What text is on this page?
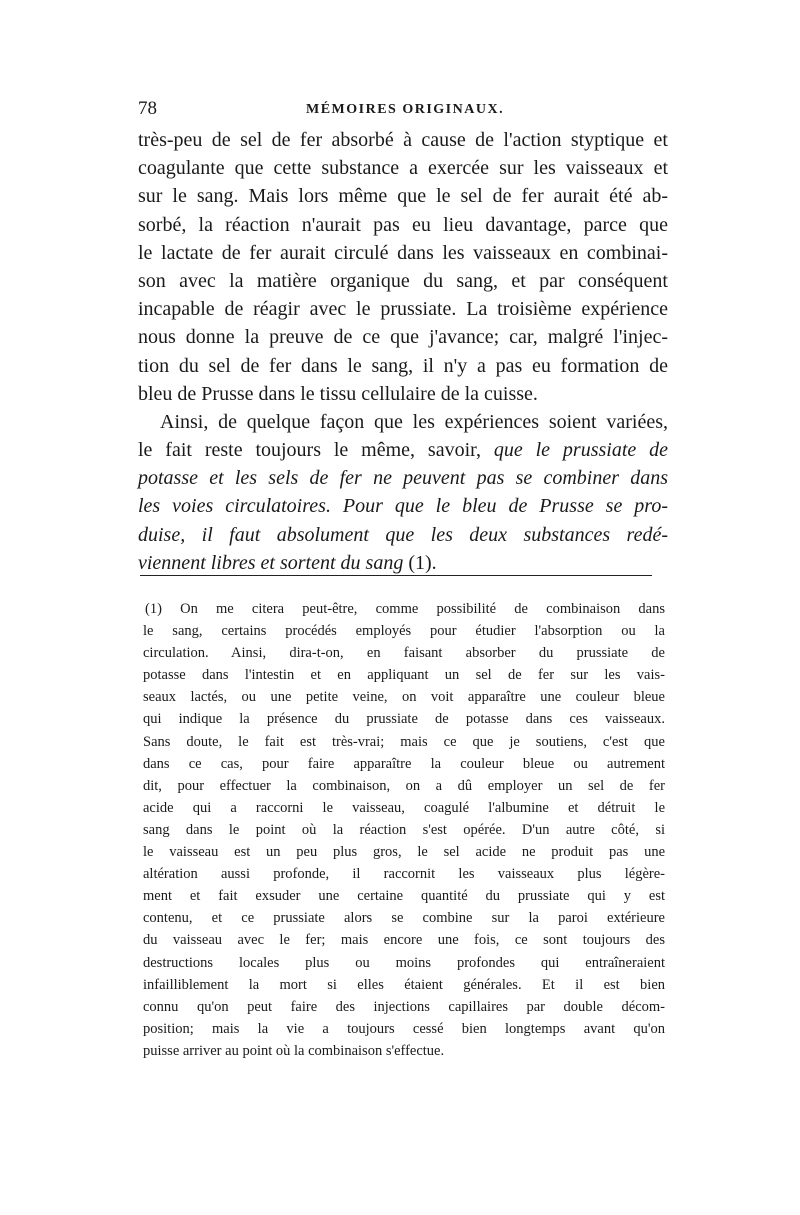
78	MÉMOIRES ORIGINAUX.
très-peu de sel de fer absorbé à cause de l'action styptique et
coagulante que cette substance a exercée sur les vaisseaux et
sur le sang. Mais lors même que le sel de fer aurait été ab-
sorbé, la réaction n'aurait pas eu lieu davantage, parce que
le lactate de fer aurait circulé dans les vaisseaux en combinai-
son avec la matière organique du sang, et par conséquent
incapable de réagir avec le prussiate. La troisième expérience
nous donne la preuve de ce que j'avance; car, malgré l'injec-
tion du sel de fer dans le sang, il n'y a pas eu formation de
bleu de Prusse dans le tissu cellulaire de la cuisse.
Ainsi, de quelque façon que les expériences soient variées,
le fait reste toujours le même, savoir, que le prussiate de
potasse et les sels de fer ne peuvent pas se combiner dans
les voies circulatoires. Pour que le bleu de Prusse se pro-
duise, il faut absolument que les deux substances redé-
viennent libres et sortent du sang (1).
(1) On me citera peut-être, comme possibilité de combinaison dans
le sang, certains procédés employés pour étudier l'absorption ou la
circulation. Ainsi, dira-t-on, en faisant absorber du prussiate de
potasse dans l'intestin et en appliquant un sel de fer sur les vais-
seaux lactés, ou une petite veine, on voit apparaître une couleur bleue
qui indique la présence du prussiate de potasse dans ces vaisseaux.
Sans doute, le fait est très-vrai; mais ce que je soutiens, c'est que
dans ce cas, pour faire apparaître la couleur bleue ou autrement
dit, pour effectuer la combinaison, on a dû employer un sel de fer
acide qui a raccorni le vaisseau, coagulé l'albumine et détruit le
sang dans le point où la réaction s'est opérée. D'un autre côté, si
le vaisseau est un peu plus gros, le sel acide ne produit pas une
altération aussi profonde, il raccornit les vaisseaux plus légère-
ment et fait exsuder une certaine quantité du prussiate qui y est
contenu, et ce prussiate alors se combine sur la paroi extérieure
du vaisseau avec le fer; mais encore une fois, ce sont toujours des
destructions locales plus ou moins profondes qui entraîneraient
infailliblement la mort si elles étaient générales. Et il est bien
connu qu'on peut faire des injections capillaires par double décom-
position; mais la vie a toujours cessé bien longtemps avant qu'on
puisse arriver au point où la combinaison s'effectue.
